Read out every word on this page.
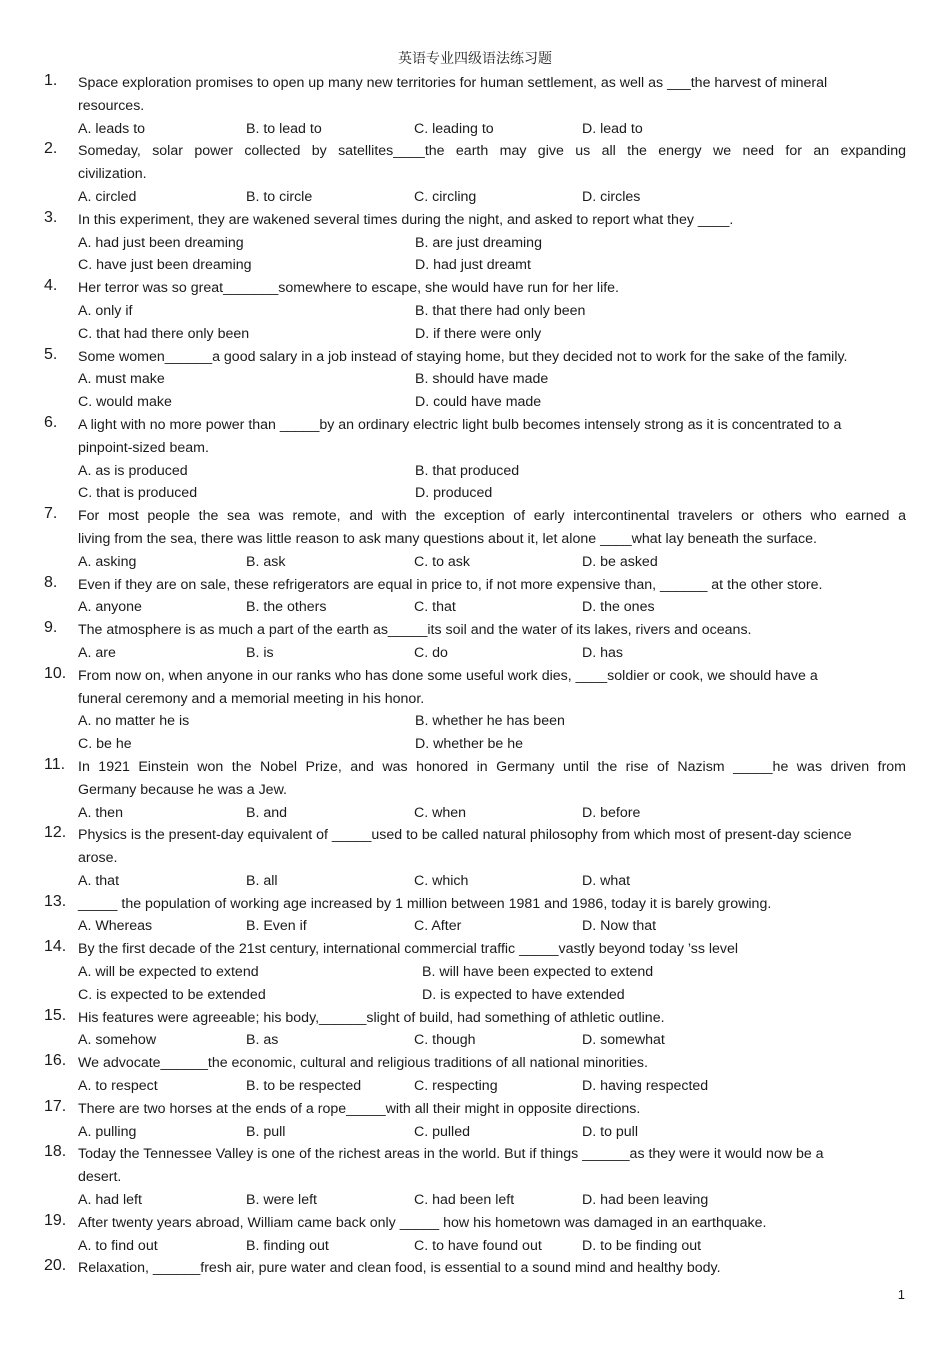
英语专业四级语法练习题
1.	Space exploration promises to open up many new territories for human settlement, as well as ___the harvest of mineral
resources.
A. leads to	B. to lead to	C. leading to	D. lead to
2.	Someday, solar power collected by satellites____the earth may give us all the energy we need for an expanding
civilization.
A. circled	B. to circle	C. circling	D. circles
3.	In this experiment, they are wakened several times during the night, and asked to report what they ____.
A. had just been dreaming	B. are just dreaming
C. have just been dreaming	D. had just dreamt
4.	Her terror was so great_______somewhere to escape, she would have run for her life.
A. only if	B. that there had only been
C. that had there only been	D. if there were only
5.	Some women______a good salary in a job instead of staying home, but they decided not to work for the sake of the family.
A. must make	B. should have made
C. would make	D. could have made
6.	A light with no more power than _____by an ordinary electric light bulb becomes intensely strong as it is concentrated to a
pinpoint-sized beam.
A. as is produced	B. that produced
C. that is produced	D. produced
7.	For most people the sea was remote, and with the exception of early intercontinental travelers or others who earned a
living from the sea, there was little reason to ask many questions about it, let alone ____what lay beneath the surface.
A. asking	B. ask	C. to ask	D. be asked
8.	Even if they are on sale, these refrigerators are equal in price to, if not more expensive than, ______ at the other store.
A. anyone	B. the others	C. that	D. the ones
9.	The atmosphere is as much a part of the earth as_____its soil and the water of its lakes, rivers and oceans.
A. are	B. is	C. do	D. has
10. From now on, when anyone in our ranks who has done some useful work dies, ____soldier or cook, we should have a
funeral ceremony and a memorial meeting in his honor.
A. no matter he is	B. whether he has been
C. be he	D. whether be he
11. In 1921 Einstein won the Nobel Prize, and was honored in Germany until the rise of Nazism _____he was driven from
Germany because he was a Jew.
A. then	B. and	C. when	D. before
12. Physics is the present-day equivalent of _____used to be called natural philosophy from which most of present-day science
arose.
A. that	B. all	C. which	D. what
13. _____ the population of working age increased by 1 million between 1981 and 1986, today it is barely growing.
A. Whereas	B. Even if	C. After	D. Now that
14. By the first decade of the 21st century, international commercial traffic _____vastly beyond today ’ss level
A. will be expected to extend	B. will have been expected to extend
C. is expected to be extended	D. is expected to have extended
15. His features were agreeable; his body,______slight of build, had something of athletic outline.
A. somehow	B. as	C. though	D. somewhat
16. We advocate______the economic, cultural and religious traditions of all national minorities.
A. to respect	B. to be respected	C. respecting	D. having respected
17. There are two horses at the ends of a rope_____with all their might in opposite directions.
A. pulling	B. pull	C. pulled	D. to pull
18. Today the Tennessee Valley is one of the richest areas in the world. But if things ______as they were it would now be a
desert.
A. had left	B. were left	C. had been left	D. had been leaving
19. After twenty years abroad, William came back only _____ how his hometown was damaged in an earthquake.
A. to find out	B. finding out	C. to have found out	D. to be finding out
20. Relaxation, ______fresh air, pure water and clean food, is essential to a sound mind and healthy body.
1
